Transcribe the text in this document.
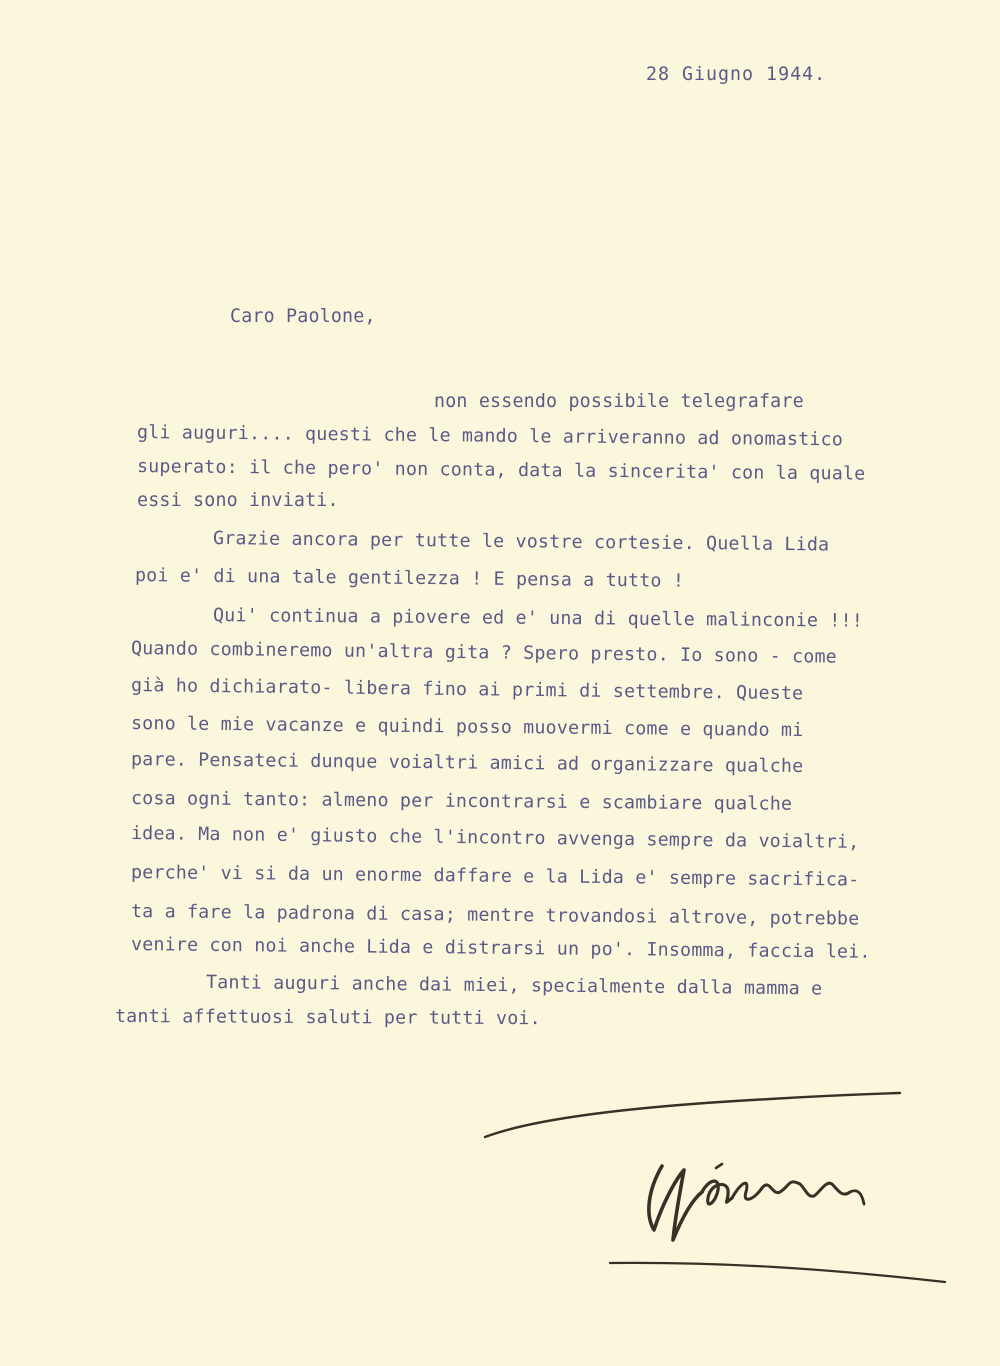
28 Giugno 1944.
Caro Paolone,
non essendo possibile telegrafare
gli auguri.... questi che le mando le arriveranno ad onomastico
superato: il che pero' non conta, data la sincerita' con la quale
essi sono inviati.
Grazie ancora per tutte le vostre cortesie. Quella Lida
poi e' di una tale gentilezza ! E pensa a tutto !
Qui' continua a piovere ed e' una di quelle malinconie !!!
Quando combineremo un'altra gita ? Spero presto. Io sono - come
già ho dichiarato- libera fino ai primi di settembre. Queste
sono le mie vacanze e quindi posso muovermi come e quando mi
pare. Pensateci dunque voialtri amici ad organizzare qualche
cosa ogni tanto: almeno per incontrarsi e scambiare qualche
idea. Ma non e' giusto che l'incontro avvenga sempre da voialtri,
perche' vi si da un enorme daffare e la Lida e' sempre sacrifica-
ta a fare la padrona di casa; mentre trovandosi altrove, potrebbe
venire con noi anche Lida e distrarsi un po'. Insomma, faccia lei.
Tanti auguri anche dai miei, specialmente dalla mamma e
tanti affettuosi saluti per tutti voi.
